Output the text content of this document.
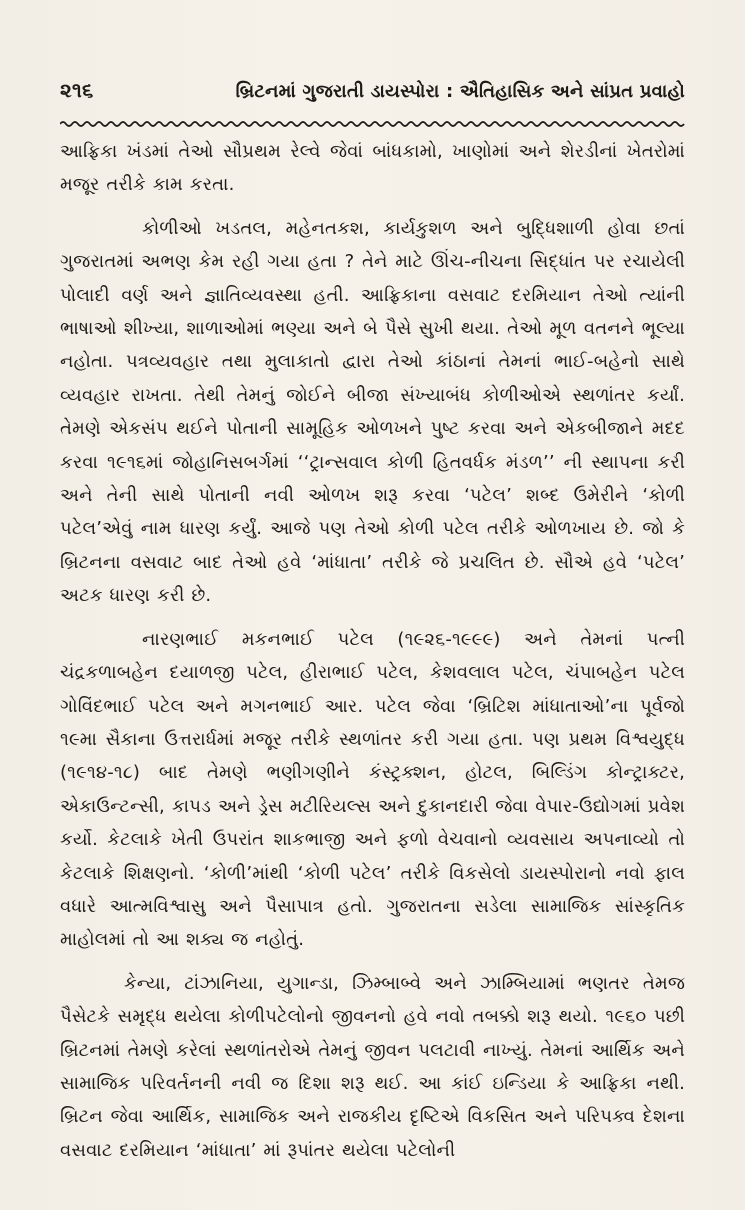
૨૧૬	બ્રિટનમાં ગુજરાતી ડાયસ્પોરા : ઐતિહાસિક અને સાંપ્રત પ્રવાહો

આફ્રિકા ખંડમાં તેઓ સૌપ્રથમ રેલ્વે જેવાં બાંધકામો, ખાણોમાં અને શેરડીનાં ખેતરોમાં મજૂર તરીકે કામ કરતા.

કોળીઓ ખડતલ, મહેનતકશ, કાર્યકુશળ અને બુદ્ધિશાળી હોવા છતાં ગુજરાતમાં અભણ કેમ રહી ગયા હતા ? તેને માટે ઊંચ-નીચના સિદ્ધાંત પર રચાયેલી પોલાદી વર્ણ અને જ્ઞાતિવ્યવસ્થા હતી. આફ્રિકાના વસવાટ દરમિયાન તેઓ ત્યાંની ભાષાઓ શીખ્યા, શાળાઓમાં ભણ્યા અને બે પૈસે સુખી થયા. તેઓ મૂળ વતનને ભૂલ્યા નહોતા. પત્રવ્યવહાર તથા મુલાકાતો દ્વારા તેઓ કાંઠાનાં તેમનાં ભાઈ-બહેનો સાથે વ્યવહાર રાખતા. તેથી તેમનું જોઈને બીજા સંખ્યાબંધ કોળીઓએ સ્થળાંતર કર્યાં. તેમણે એકસંપ થઈને પોતાની સામૂહિક ઓળખને પુષ્ટ કરવા અને એકબીજાને મદદ કરવા ૧૯૧૬માં જોહાનિસબર્ગમાં ‘‘ટ્રાન્સવાલ કોળી હિતવર્ધક મંડળ’’ ની સ્થાપના કરી અને તેની સાથે પોતાની નવી ઓળખ શરૂ કરવા ‘પટેલ’ શબ્દ ઉમેરીને ‘કોળી પટેલ’એવું નામ ધારણ કર્યું. આજે પણ તેઓ કોળી પટેલ તરીકે ઓળખાય છે. જો કે બ્રિટનના વસવાટ બાદ તેઓ હવે ‘માંધાતા’ તરીકે જે પ્રચલિત છે. સૌએ હવે ‘પટેલ’ અટક ધારણ કરી છે.

નારણભાઈ મકનભાઈ પટેલ (૧૯૨૬-૧૯૯૯) અને તેમનાં પત્ની ચંદ્રકળાબહેન દયાળજી પટેલ, હીરાભાઈ પટેલ, કેશવલાલ પટેલ, ચંપાબહેન પટેલ ગોવિંદભાઈ પટેલ અને મગનભાઈ આર. પટેલ જેવા ‘બ્રિટિશ માંધાતાઓ’ના પૂર્વજો ૧૯મા સૈકાના ઉત્તરાર્ધમાં મજૂર તરીકે સ્થળાંતર કરી ગયા હતા. પણ પ્રથમ વિશ્વયુદ્ધ (૧૯૧૪-૧૮) બાદ તેમણે ભણીગણીને કંસ્ટ્રક્શન, હોટલ, બિલ્ડિંગ કોન્ટ્રાક્ટર, એકાઉન્ટન્સી, કાપડ અને ડ્રેસ મટીરિયલ્સ અને દુકાનદારી જેવા વેપાર-ઉદ્યોગમાં પ્રવેશ કર્યો. કેટલાકે ખેતી ઉપરાંત શાકભાજી અને ફળો વેચવાનો વ્યવસાય અપનાવ્યો તો કેટલાકે શિક્ષણનો. ‘કોળી’માંથી ‘કોળી પટેલ’ તરીકે વિકસેલો ડાયસ્પોરાનો નવો ફાલ વધારે આત્મવિશ્વાસુ અને પૈસાપાત્ર હતો. ગુજરાતના સડેલા સામાજિક સાંસ્કૃતિક માહોલમાં તો આ શક્ય જ નહોતું.

કેન્યા, ટાંઝાનિયા, યુગાન્ડા, ઝિમ્બાબ્વે અને ઝામ્બિયામાં ભણતર તેમજ પૈસેટકે સમૃદ્ધ થયેલા કોળીપટેલોનો જીવનનો હવે નવો તબક્કો શરૂ થયો. ૧૯૬૦ પછી બ્રિટનમાં તેમણે કરેલાં સ્થળાંતરોએ તેમનું જીવન પલટાવી નાખ્યું. તેમનાં આર્થિક અને સામાજિક પરિવર્તનની નવી જ દિશા શરૂ થઈ. આ કાંઈ ઇન્ડિયા કે આફ્રિકા નથી. બ્રિટન જેવા આર્થિક, સામાજિક અને રાજકીય દૃષ્ટિએ વિકસિત અને પરિપક્વ દેશના વસવાટ દરમિયાન ‘માંધાતા’ માં રૂપાંતર થયેલા પટેલોની
